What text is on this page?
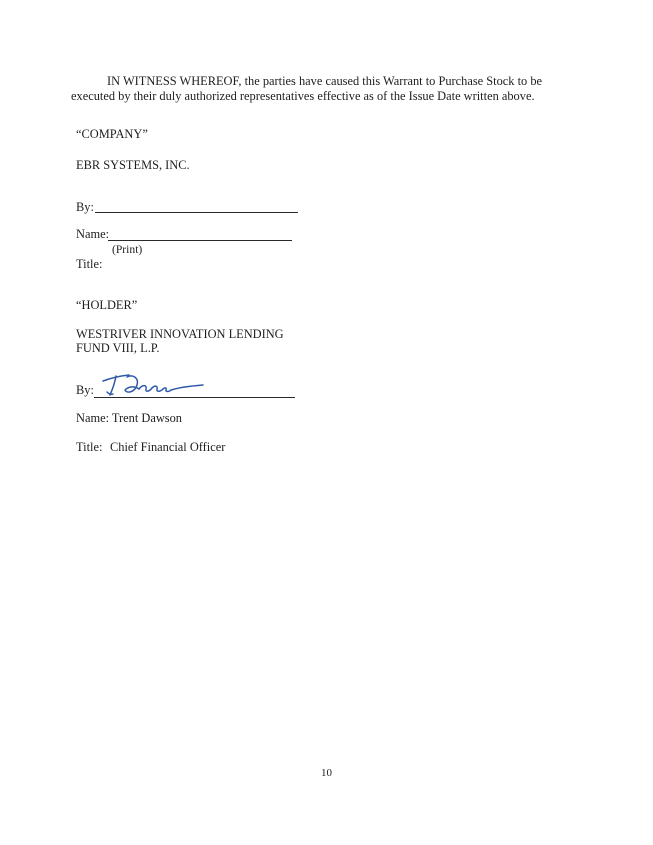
IN WITNESS WHEREOF, the parties have caused this Warrant to Purchase Stock to be
executed by their duly authorized representatives effective as of the Issue Date written above.
“COMPANY”
EBR SYSTEMS, INC.
By:
Name:
(Print)
Title:
“HOLDER”
WESTRIVER INNOVATION LENDING
FUND VIII, L.P.
By:
Name: Trent Dawson
Title: Chief Financial Officer
10
